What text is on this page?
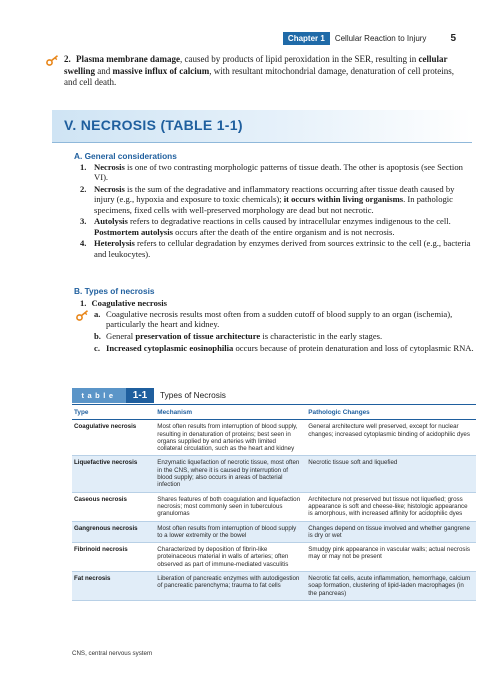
Chapter 1	Cellular Reaction to Injury 5
2. Plasma membrane damage, caused by products of lipid peroxidation in the SER, resulting in cellular swelling and massive influx of calcium, with resultant mitochondrial damage, denaturation of cell proteins, and cell death.
V. NECROSIS (TABLE 1-1)
A. General considerations
1. Necrosis is one of two contrasting morphologic patterns of tissue death. The other is apoptosis (see Section VI).
2. Necrosis is the sum of the degradative and inflammatory reactions occurring after tissue death caused by injury (e.g., hypoxia and exposure to toxic chemicals); it occurs within living organisms. In pathologic specimens, fixed cells with well-preserved morphology are dead but not necrotic.
3. Autolysis refers to degradative reactions in cells caused by intracellular enzymes indigenous to the cell. Postmortem autolysis occurs after the death of the entire organism and is not necrosis.
4. Heterolysis refers to cellular degradation by enzymes derived from sources extrinsic to the cell (e.g., bacteria and leukocytes).
B. Types of necrosis
1. Coagulative necrosis
a. Coagulative necrosis results most often from a sudden cutoff of blood supply to an organ (ischemia), particularly the heart and kidney.
b. General preservation of tissue architecture is characteristic in the early stages.
c. Increased cytoplasmic eosinophilia occurs because of protein denaturation and loss of cytoplasmic RNA.
table	1-1	Types of Necrosis
Type	Mechanism	Pathologic Changes
Coagulative necrosis	Most often results from interruption of blood supply, resulting in denaturation of proteins; best seen in organs supplied by end arteries with limited collateral circulation, such as the heart and kidney	General architecture well preserved, except for nuclear changes; increased cytoplasmic binding of acidophilic dyes
Liquefactive necrosis	Enzymatic liquefaction of necrotic tissue, most often in the CNS, where it is caused by interruption of blood supply; also occurs in areas of bacterial infection	Necrotic tissue soft and liquefied
Caseous necrosis	Shares features of both coagulation and liquefaction necrosis; most commonly seen in tuberculous granulomas	Architecture not preserved but tissue not liquefied; gross appearance is soft and cheese-like; histologic appearance is amorphous, with increased affinity for acidophilic dyes
Gangrenous necrosis	Most often results from interruption of blood supply to a lower extremity or the bowel	Changes depend on tissue involved and whether gangrene is dry or wet
Fibrinoid necrosis	Characterized by deposition of fibrin-like proteinaceous material in walls of arteries; often observed as part of immune-mediated vasculitis	Smudgy pink appearance in vascular walls; actual necrosis may or may not be present
Fat necrosis	Liberation of pancreatic enzymes with autodigestion of pancreatic parenchyma; trauma to fat cells	Necrotic fat cells, acute inflammation, hemorrhage, calcium soap formation, clustering of lipid-laden macrophages (in the pancreas)
CNS, central nervous system
